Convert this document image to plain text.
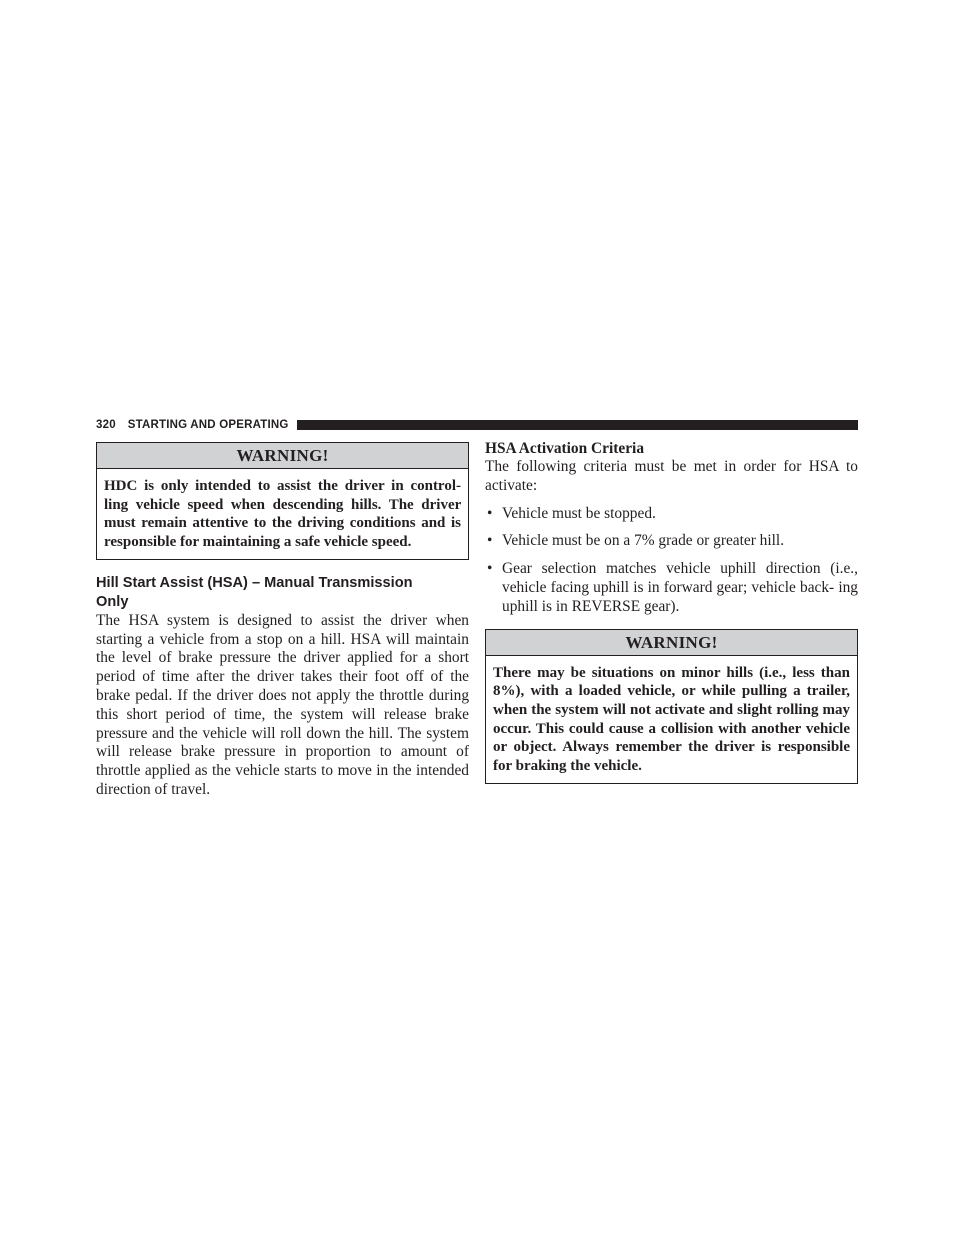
320 STARTING AND OPERATING
WARNING!
HDC is only intended to assist the driver in control- ling vehicle speed when descending hills. The driver must remain attentive to the driving conditions and is responsible for maintaining a safe vehicle speed.
Hill Start Assist (HSA) – Manual Transmission
Only

The HSA system is designed to assist the driver when starting a vehicle from a stop on a hill. HSA will maintain the level of brake pressure the driver applied for a short period of time after the driver takes their foot off of the brake pedal. If the driver does not apply the throttle during this short period of time, the system will release brake pressure and the vehicle will roll down the hill. The system will release brake pressure in proportion to amount of throttle applied as the vehicle starts to move in the intended direction of travel.

HSA Activation Criteria

The following criteria must be met in order for HSA to activate:

• Vehicle must be stopped.
• Vehicle must be on a 7% grade or greater hill.
• Gear selection matches vehicle uphill direction (i.e., vehicle facing uphill is in forward gear; vehicle back- ing uphill is in REVERSE gear).
WARNING!
There may be situations on minor hills (i.e., less than 8%), with a loaded vehicle, or while pulling a trailer, when the system will not activate and slight rolling may occur. This could cause a collision with another vehicle or object. Always remember the driver is responsible for braking the vehicle.
